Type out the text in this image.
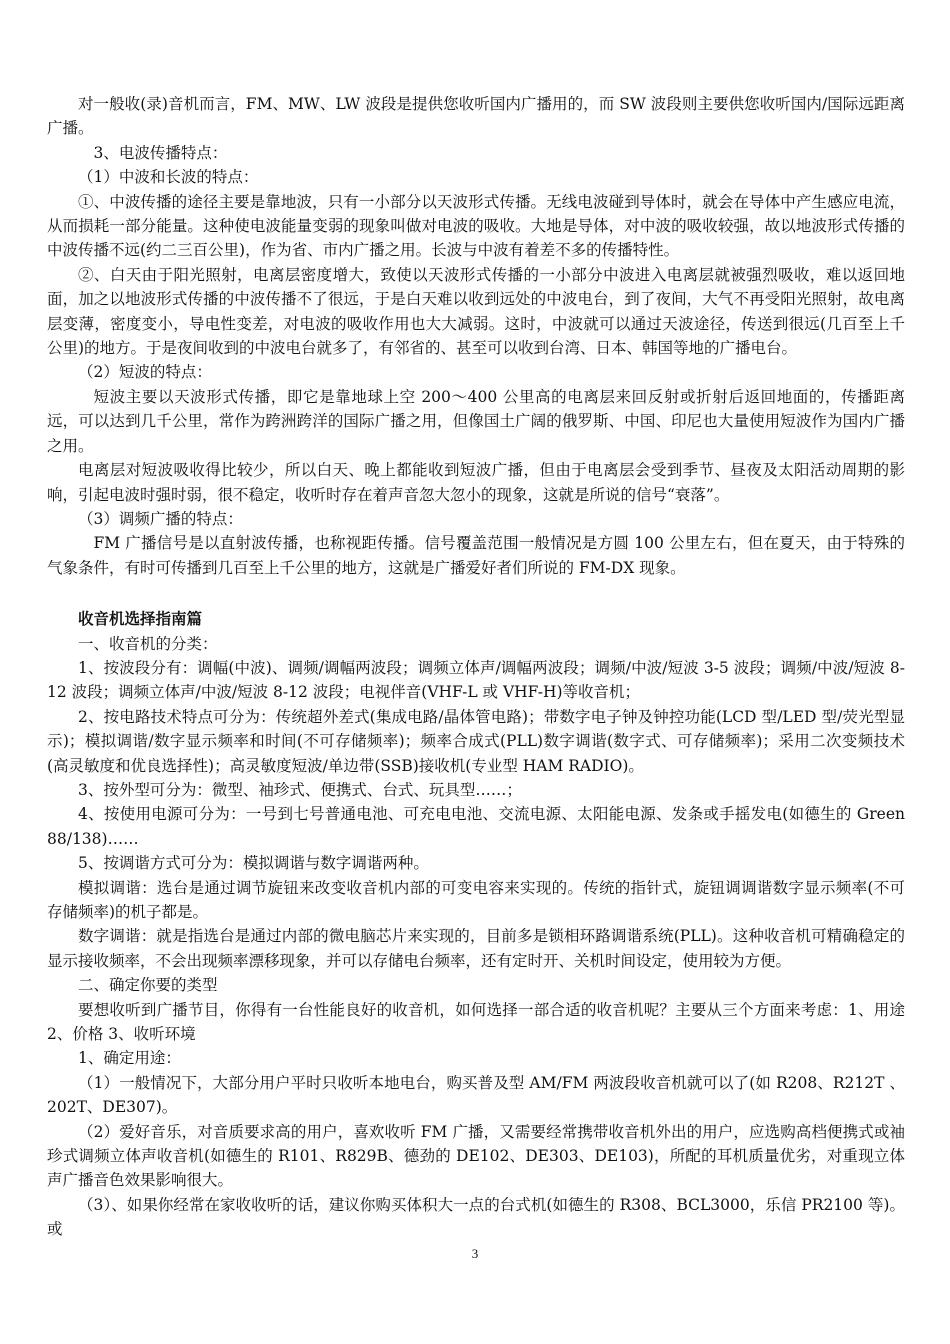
对一般收(录)音机而言，FM、MW、LW 波段是提供您收听国内广播用的，而 SW 波段则主要供您收听国内/国际远距离广播。

3、电波传播特点：

（1）中波和长波的特点：

①、中波传播的途径主要是靠地波，只有一小部分以天波形式传播。无线电波碰到导体时，就会在导体中产生感应电流，从而损耗一部分能量。这种使电波能量变弱的现象叫做对电波的吸收。大地是导体，对中波的吸收较强，故以地波形式传播的中波传播不远(约二三百公里)，作为省、市内广播之用。长波与中波有着差不多的传播特性。

②、白天由于阳光照射，电离层密度增大，致使以天波形式传播的一小部分中波进入电离层就被强烈吸收，难以返回地面，加之以地波形式传播的中波传播不了很远，于是白天难以收到远处的中波电台，到了夜间，大气不再受阳光照射，故电离层变薄，密度变小，导电性变差，对电波的吸收作用也大大减弱。这时，中波就可以通过天波途径，传送到很远(几百至上千公里)的地方。于是夜间收到的中波电台就多了，有邻省的、甚至可以收到台湾、日本、韩国等地的广播电台。

（2）短波的特点：

短波主要以天波形式传播，即它是靠地球上空 200～400 公里高的电离层来回反射或折射后返回地面的，传播距离远，可以达到几千公里，常作为跨洲跨洋的国际广播之用，但像国土广阔的俄罗斯、中国、印尼也大量使用短波作为国内广播之用。

电离层对短波吸收得比较少，所以白天、晚上都能收到短波广播，但由于电离层会受到季节、昼夜及太阳活动周期的影响，引起电波时强时弱，很不稳定，收听时存在着声音忽大忽小的现象，这就是所说的信号“衰落”。

（3）调频广播的特点：

FM 广播信号是以直射波传播，也称视距传播。信号覆盖范围一般情况是方圆 100 公里左右，但在夏天，由于特殊的气象条件，有时可传播到几百至上千公里的地方，这就是广播爱好者们所说的 FM-DX 现象。

收音机选择指南篇

一、收音机的分类：

1、按波段分有：调幅(中波)、调频/调幅两波段；调频立体声/调幅两波段；调频/中波/短波 3-5 波段；调频/中波/短波 8-12 波段；调频立体声/中波/短波 8-12 波段；电视伴音(VHF-L 或 VHF-H)等收音机；

2、按电路技术特点可分为：传统超外差式(集成电路/晶体管电路)；带数字电子钟及钟控功能(LCD 型/LED 型/荧光型显示)；模拟调谐/数字显示频率和时间(不可存储频率)；频率合成式(PLL)数字调谐(数字式、可存储频率)；采用二次变频技术(高灵敏度和优良选择性)；高灵敏度短波/单边带(SSB)接收机(专业型 HAM RADIO)。

3、按外型可分为：微型、袖珍式、便携式、台式、玩具型……；

4、按使用电源可分为：一号到七号普通电池、可充电电池、交流电源、太阳能电源、发条或手摇发电(如德生的 Green 88/138)……

5、按调谐方式可分为：模拟调谐与数字调谐两种。

模拟调谐：选台是通过调节旋钮来改变收音机内部的可变电容来实现的。传统的指针式，旋钮调调谐数字显示频率(不可存储频率)的机子都是。

数字调谐：就是指选台是通过内部的微电脑芯片来实现的，目前多是锁相环路调谐系统(PLL)。这种收音机可精确稳定的显示接收频率，不会出现频率漂移现象，并可以存储电台频率，还有定时开、关机时间设定，使用较为方便。

二、确定你要的类型

要想收听到广播节目，你得有一台性能良好的收音机，如何选择一部合适的收音机呢？主要从三个方面来考虑：1、用途 2、价格 3、收听环境

1、确定用途：

（1）一般情况下，大部分用户平时只收听本地电台，购买普及型 AM/FM 两波段收音机就可以了(如 R208、R212T 、202T、DE307)。

（2）爱好音乐，对音质要求高的用户，喜欢收听 FM 广播，又需要经常携带收音机外出的用户，应选购高档便携式或袖珍式调频立体声收音机(如德生的 R101、R829B、德劲的 DE102、DE303、DE103)，所配的耳机质量优劣，对重现立体声广播音色效果影响很大。

（3）、如果你经常在家收收听的话，建议你购买体积大一点的台式机(如德生的 R308、BCL3000，乐信 PR2100 等)。或

3
